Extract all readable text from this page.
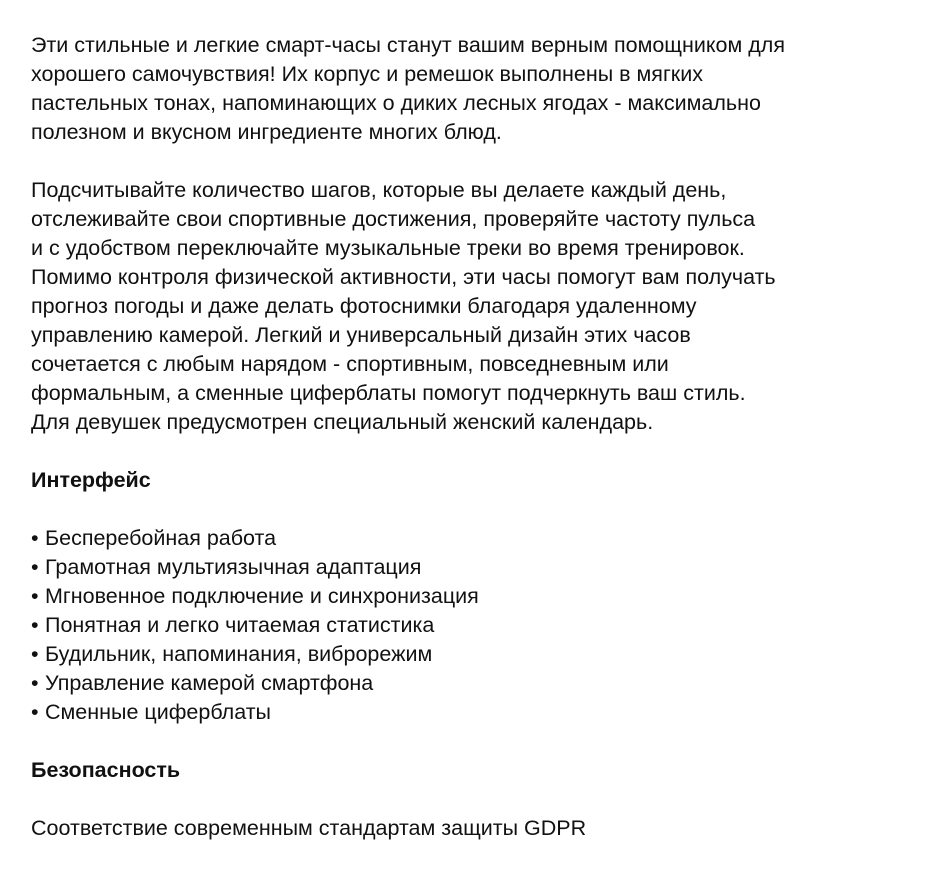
Эти стильные и легкие смарт-часы станут вашим верным помощником для
хорошего самочувствия! Их корпус и ремешок выполнены в мягких
пастельных тонах, напоминающих о диких лесных ягодах - максимально
полезном и вкусном ингредиенте многих блюд.

Подсчитывайте количество шагов, которые вы делаете каждый день,
отслеживайте свои спортивные достижения, проверяйте частоту пульса
и с удобством переключайте музыкальные треки во время тренировок.
Помимо контроля физической активности, эти часы помогут вам получать
прогноз погоды и даже делать фотоснимки благодаря удаленному
управлению камерой. Легкий и универсальный дизайн этих часов
сочетается с любым нарядом - спортивным, повседневным или
формальным, а сменные циферблаты помогут подчеркнуть ваш стиль.
Для девушек предусмотрен специальный женский календарь.

Интерфейс
• Бесперебойная работа
• Грамотная мультиязычная адаптация
• Мгновенное подключение и синхронизация
• Понятная и легко читаемая статистика
• Будильник, напоминания, виброрежим
• Управление камерой смартфона
• Сменные циферблаты
Безопасность

Соответствие современным стандартам защиты GDPR
